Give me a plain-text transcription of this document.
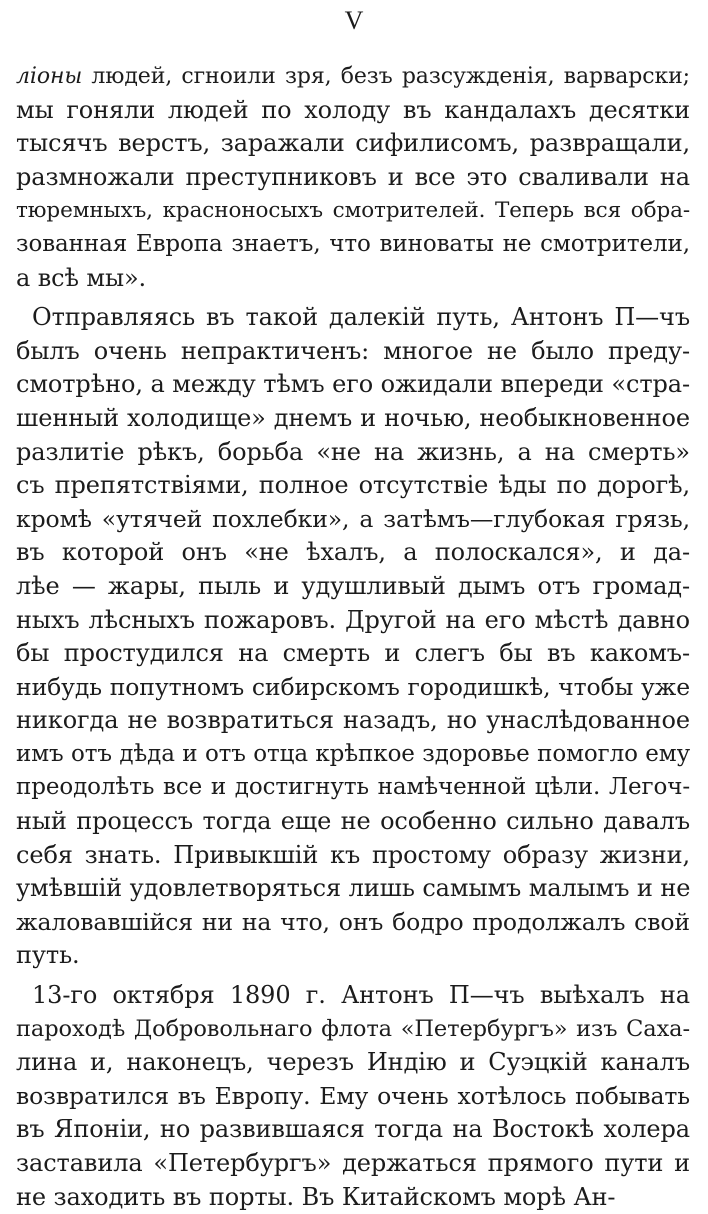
V
ліоны людей, сгноили зря, безъ разсужденія, варварски;
мы гоняли людей по холоду въ кандалахъ десятки
тысячъ верстъ, заражали сифилисомъ, развращали,
размножали преступниковъ и все это сваливали на
тюремныхъ, красноносыхъ смотрителей. Теперь вся обра-
зованная Европа знаетъ, что виноваты не смотрители,
а всѣ мы».
Отправляясь въ такой далекій путь, Антонъ П—чъ
былъ очень непрактиченъ: многое не было преду-
смотрѣно, а между тѣмъ его ожидали впереди «стра-
шенный холодище» днемъ и ночью, необыкновенное
разлитіе рѣкъ, борьба «не на жизнь, а на смерть»
съ препятствіями, полное отсутствіе ѣды по дорогѣ,
кромѣ «утячей похлебки», а затѣмъ—глубокая грязь,
въ которой онъ «не ѣхалъ, а полоскался», и да-
лѣе — жары, пыль и удушливый дымъ отъ громад-
ныхъ лѣсныхъ пожаровъ. Другой на его мѣстѣ давно
бы простудился на смерть и слегъ бы въ какомъ-
нибудь попутномъ сибирскомъ городишкѣ, чтобы уже
никогда не возвратиться назадъ, но унаслѣдованное
имъ отъ дѣда и отъ отца крѣпкое здоровье помогло ему
преодолѣть все и достигнуть намѣченной цѣли. Легоч-
ный процессъ тогда еще не особенно сильно давалъ
себя знать. Привыкшій къ простому образу жизни,
умѣвшій удовлетворяться лишь самымъ малымъ и не
жаловавшійся ни на что, онъ бодро продолжалъ свой
путь.
13-го октября 1890 г. Антонъ П—чъ выѣхалъ на
пароходѣ Добровольнаго флота «Петербургъ» изъ Саха-
лина и, наконецъ, черезъ Индію и Суэцкій каналъ
возвратился въ Европу. Ему очень хотѣлось побывать
въ Японіи, но развившаяся тогда на Востокѣ холера
заставила «Петербургъ» держаться прямого пути и
не заходить въ порты. Въ Китайскомъ морѣ Ан-
